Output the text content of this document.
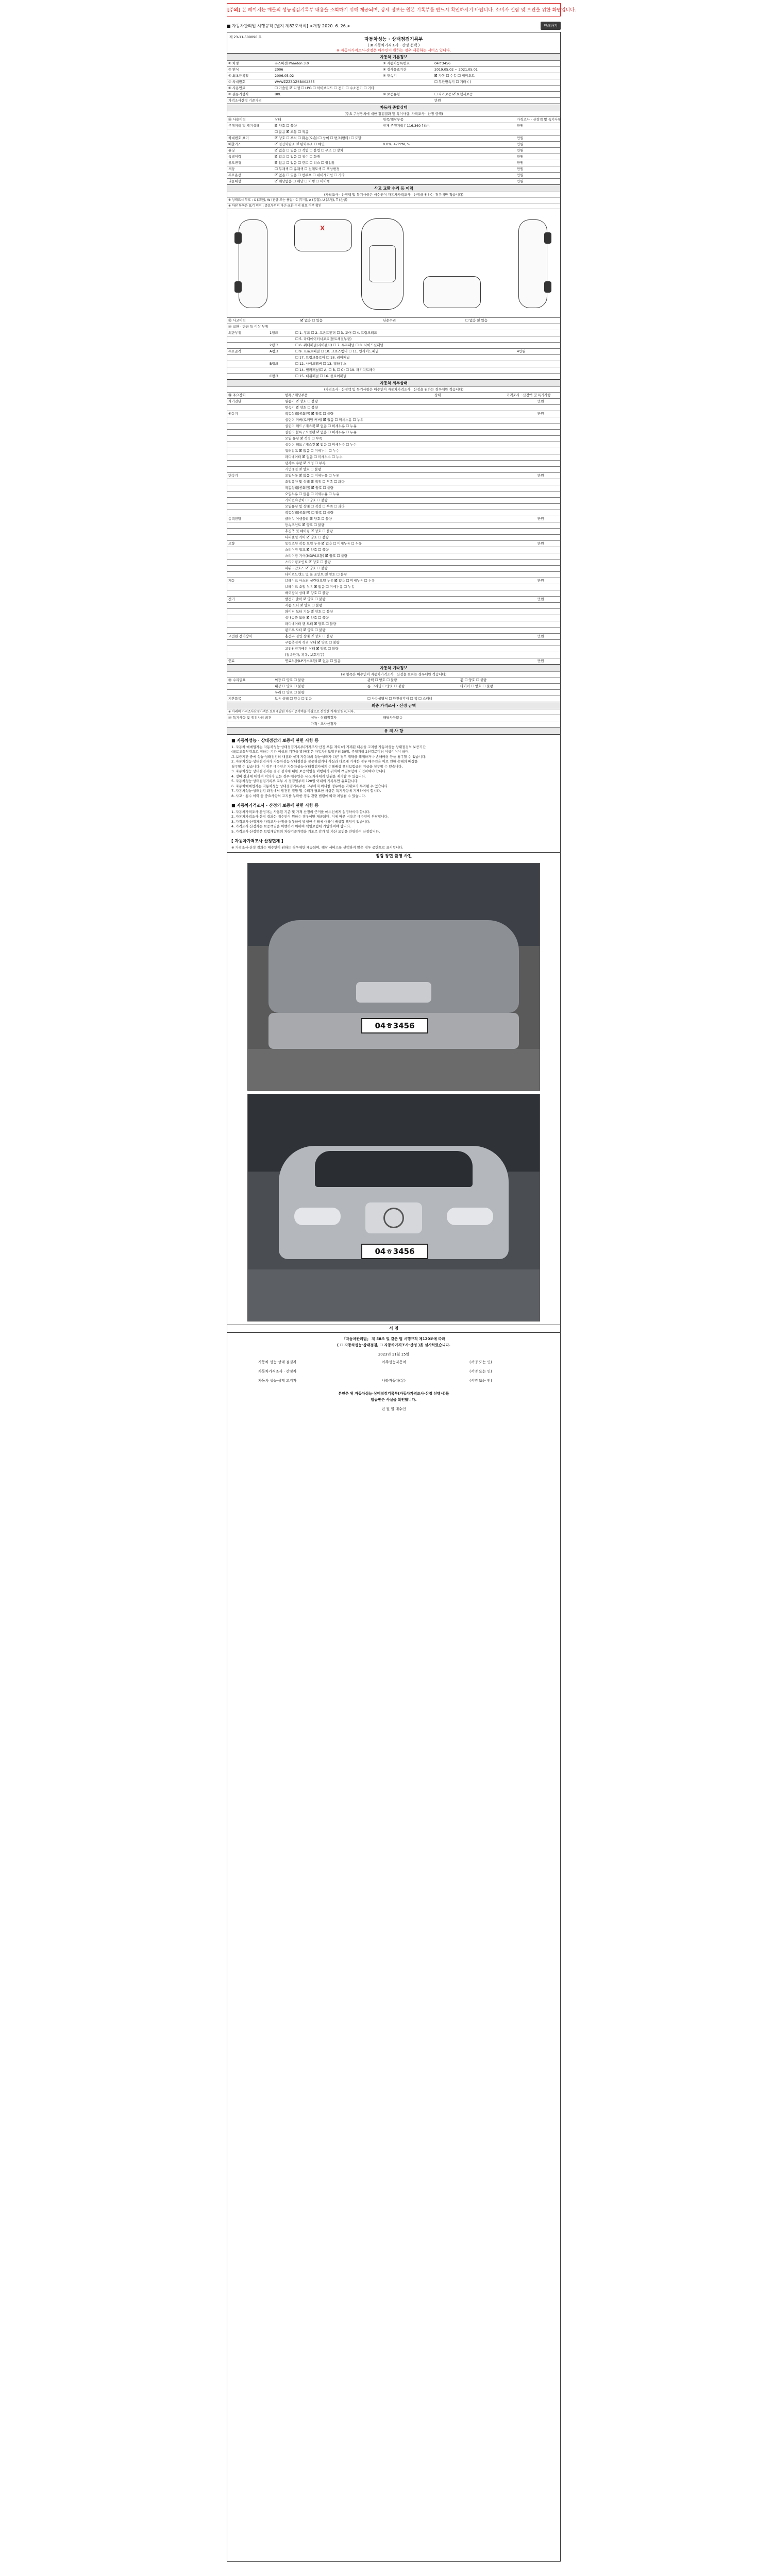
[주의] 본 페이지는 매물의 성능점검기록부 내용을 조회하기 위해 제공되며, 상세 정보는 원본 기록부를 반드시 확인하시기 바랍니다. 소비자 열람 및 보관을 위한 화면입니다.
■ 자동차관리법 시행규칙 [별지 제82호서식] <개정 2020. 6. 26.>	인쇄하기
제 23-11-509090 호	자동차성능 · 상태점검기록부
( 🗷 자동차가격조사 · 산정 선택 )
※ 자동차가격조사·산정은 매수인이 원하는 경우 제공하는 서비스 입니다.
자동차 기본정보
① 차명	폭스바겐 Phaeton 3.0	② 자동차등록번호	04ㅎ3456
③ 연식	2006	④ 검사유효기간	2019.05.02 ~ 2021.05.01
⑤ 최초등록일	2006.05.02	⑥ 변속기	🗹 자동 ☐ 수동 ☐ 세미오토
⑦ 차대번호	WVWZZZ3DZ6B002355	☐ 무단변속기 ☐ 기타 ( )
⑧ 사용연료	☐ 가솔린 🗹 디젤 ☐ LPG ☐ 하이브리드 ☐ 전기 ☐ 수소전기 ☐ 기타
⑨ 원동기형식	BKL	⑩ 보증유형	☐ 자가보증 🗹 보험사보증
가격조사산정 기준가격	만원
자동차 종합상태
(주요 구성장치에 대한 점검결과 및 특이사항, 가격조사 · 산정 금액)
⑪ 사용이력	상태	항목/해당부품	가격조사 · 산정액 및 특기사항
주행거리 및 계기상태	🗹 양호 ☐ 불량	현재 주행거리 [ 116,360 ] Km	만원
☐ 많음 🗹 보통 ☐ 적음
차대번호 표기	🗹 양호 ☐ 부식 ☐ 훼손(오손) ☐ 상이 ☐ 변조(변타) ☐ 도말	만원
배출가스	🗹 일산화탄소 🗹 탄화수소 ☐ 매연	0.0%, 47PPM, %	만원
튜닝	🗹 없음 ☐ 있음 ☐ 적법 ☐ 불법 ☐ 구조 ☐ 장치	만원
특별이력	🗹 없음 ☐ 있음 ☐ 침수 ☐ 화재	만원
용도변경	🗹 없음 ☐ 있음 ☐ 렌트 ☐ 리스 ☐ 영업용	만원
색상	☐ 무채색 ☐ 유채색 ☐ 전체도색 ☐ 색상변경	만원
주요옵션	🗹 없음 ☐ 있음 ☐ 썬루프 ☐ 네비게이션 ☐ 기타	만원
리콜대상	🗹 해당없음 ☐ 해당 ☐ 이행 ☐ 미이행	만원
사고 교환 수리 등 이력
(가격조사 · 산정액 및 특기사항은 매수인이 자동차가격조사 · 산정을 원하는 경우에만 적습니다)
※ 상태표시 부호 : X (교환), W (판금 또는 용접), C (부식), A (흠집), U (요철), T (손상)
※ 하단 항목은 표기 의미 : 중요부위의 파손·교환 수리 필요 여부 확인
X
⑫ 사고이력	🗹 없음 ☐ 있음	단순수리	☐ 없음 🗹 있음
⑬ 교환 · 판금 등 이상 부위
외판부위	1랭크	☐ 1. 후드 ☐ 2. 프론트펜더 ☐ 3. 도어 ☐ 4. 트렁크리드
☐ 5. 라디에이터서포트(볼트체결부품)
2랭크	☐ 6. 쿼터패널(리어펜더) ☐ 7. 루프패널 ☐ 8. 사이드실패널
주요골격	A랭크	☐ 9. 프론트패널 ☐ 10. 크로스멤버 ☐ 11. 인사이드패널	4만원
☐ 17. 트렁크플로어 ☐ 18. 리어패널
B랭크	☐ 12. 사이드멤버 ☐ 13. 휠하우스
☐ 14. 필러패널(☐ A, ☐ B, ☐ C) ☐ 19. 패키지트레이
C랭크	☐ 15. 대쉬패널 ☐ 16. 플로어패널
자동차 세부상태
(가격조사 · 산정액 및 특기사항은 매수인이 자동차가격조사 · 산정을 원하는 경우에만 적습니다)
⑭ 주요장치	항목 / 해당부품	상태	가격조사 · 산정액 및 특기사항
자기진단	원동기 🗹 양호 ☐ 불량	만원
변속기 🗹 양호 ☐ 불량
원동기	작동상태(공회전) 🗹 양호 ☐ 불량	만원
실린더 커버(로커암 커버) 🗹 없음 ☐ 미세누유 ☐ 누유
실린더 헤드 / 개스킷 🗹 없음 ☐ 미세누유 ☐ 누유
실린더 블록 / 오일팬 🗹 없음 ☐ 미세누유 ☐ 누유
오일 유량 🗹 적정 ☐ 부족
실린더 헤드 / 개스킷 🗹 없음 ☐ 미세누수 ☐ 누수
워터펌프 🗹 없음 ☐ 미세누수 ☐ 누수
라디에이터 🗹 없음 ☐ 미세누수 ☐ 누수
냉각수 수량 🗹 적정 ☐ 부족
커먼레일 🗹 양호 ☐ 불량
변속기	오일누유 🗹 없음 ☐ 미세누유 ☐ 누유	만원
오일유량 및 상태 🗹 적정 ☐ 부족 ☐ 과다
작동상태(공회전) 🗹 양호 ☐ 불량
오일누유 ☐ 없음 ☐ 미세누유 ☐ 누유
기어변속장치 ☐ 양호 ☐ 불량
오일유량 및 상태 ☐ 적정 ☐ 부족 ☐ 과다
작동상태(공회전) ☐ 양호 ☐ 불량
동력전달	클러치 어셈블리 🗹 양호 ☐ 불량	만원
등속조인트 🗹 양호 ☐ 불량
추진축 및 베어링 🗹 양호 ☐ 불량
디퍼렌셜 기어 🗹 양호 ☐ 불량
조향	동력조향 작동 오일 누유 🗹 없음 ☐ 미세누유 ☐ 누유	만원
스티어링 펌프 🗹 양호 ☐ 불량
스티어링 기어(MDPS포함) 🗹 양호 ☐ 불량
스티어링조인트 🗹 양호 ☐ 불량
파워고압호스 🗹 양호 ☐ 불량
타이로드엔드 및 볼 조인트 🗹 양호 ☐ 불량
제동	브레이크 마스터 실린더오일 누유 🗹 없음 ☐ 미세누유 ☐ 누유	만원
브레이크 오일 누유 🗹 없음 ☐ 미세누유 ☐ 누유
배력장치 상태 🗹 양호 ☐ 불량
전기	발전기 출력 🗹 양호 ☐ 불량	만원
시동 모터 🗹 양호 ☐ 불량
와이퍼 모터 기능 🗹 양호 ☐ 불량
실내송풍 모터 🗹 양호 ☐ 불량
라디에이터 팬 모터 🗹 양호 ☐ 불량
윈도우 모터 🗹 양호 ☐ 불량
고전원 전기장치	충전구 절연 상태 🗹 양호 ☐ 불량	만원
구동축전지 격리 상태 🗹 양호 ☐ 불량
고전원전기배선 상태 🗹 양호 ☐ 불량
(접속단자, 피복, 보호기구)
연료	연료누출(LP가스포함) 🗹 없음 ☐ 있음	만원
자동차 기타정보
(※ 항목은 매수인이 자동차가격조사 · 산정을 원하는 경우에만 적습니다)
⑮ 수리필요	외장 ☐ 양호 ☐ 불량	광택 ☐ 양호 ☐ 불량	휠 ☐ 양호 ☐ 불량
내장 ☐ 양호 ☐ 불량	룸 크리닝 ☐ 양호 ☐ 불량	타이어 ☐ 양호 ☐ 불량
유리 ☐ 양호 ☐ 불량
기본품목	보유 상태 ☐ 있음 ☐ 없음	☐ 사용설명서 ☐ 안전삼각대 ☐ 잭 ☐ 스패너
최종 가격조사 · 산정 금액
※ 아래의 가격조사산정가액은 보험개발원 차량기준가액을 바탕으로 산정한 가격(만원)입니다.
⑯ 특기사항 및 점검자의 의견	성능 · 상태점검자	해당사항없음
가격 · 조사산정자
유 의 사 항
■ 자동차성능 · 상태점검의 보증에 관한 사항 등
1. 자동차 매매업자는 자동차성능·상태점검기록부(가격조사·산정 부분 제외)에 기재된 내용을 고지한 자동차성능·상태점검의 보증기간
(국토교통부령으로 정하는 기간 이상의 기간을 말한다)은 자동차인도일부터 30일, 주행거리 2천킬로미터 이상이어야 하며,
그 보증기간 중에 성능·상태점검의 내용과 실제 자동차의 성능·상태가 다른 경우 계약을 해제하거나 손해배상 등을 청구할 수 있습니다.
2. 자동차성능·상태점검자가 자동차성능·상태점검을 잘못하였거나 사실과 다르게 기재한 경우 매수인은 이로 인한 손해의 배상을
청구할 수 있습니다. 이 경우 매수인은 자동차성능·상태점검자에게 손해배상 책임보험금의 지급을 청구할 수 있습니다.
3. 자동차성능·상태점검자는 점검 결과에 대한 보증책임을 이행하기 위하여 책임보험에 가입하여야 합니다.
4. 정비 결과에 대하여 이의가 있는 경우 매수인은 시·도지사에게 민원을 제기할 수 있습니다.
5. 자동차성능·상태점검기록부 교부 시 점검일부터 120일 이내의 기록부만 유효합니다.
6. 자동차매매업자는 자동차성능·상태점검기록부를 교부하지 아니한 경우에는 과태료가 부과될 수 있습니다.
7. 자동차성능·상태점검 과정에서 발견된 결함 및 수리가 필요한 사항은 특기사항에 기재하여야 합니다.
8. 사고 · 침수 이력 등 중요사항의 고지를 누락한 경우 관련 법령에 따라 처벌될 수 있습니다.
■ 자동차가격조사 · 산정의 보증에 관한 사항 등
1. 자동차가격조사·산정자는 사용된 기준 및 가격 산정의 근거를 매수인에게 설명하여야 합니다.
2. 자동차가격조사·산정 결과는 매수인이 원하는 경우에만 제공되며, 이에 따른 비용은 매수인이 부담합니다.
3. 가격조사·산정자가 가격조사·산정을 잘못하여 발생한 손해에 대하여 배상할 책임이 있습니다.
4. 가격조사·산정자는 보증책임을 이행하기 위하여 책임보험에 가입하여야 합니다.
5. 가격조사·산정액은 보험개발원의 차량기준가액을 기초로 감가 및 가산 요인을 반영하여 산정합니다.
[ 자동차가격조사 산정면제 ]
※ 가격조사·산정 결과는 매수인이 원하는 경우에만 제공되며, 해당 서비스를 선택하지 않은 경우 공란으로 표시됩니다.
점검 장면 촬영 사진
04ㅎ3456
04ㅎ3456
서 명
「자동차관리법」 제 58조 및 같은 법 시행규칙 제120조에 따라
( ☐ 자동차성능·상태점검, ☐ 자동차가격조사·산정 )을 실시하였습니다.
2023년 11월 15일
자동차 성능·상태 점검자	아주성능자동차	(서명 또는 인)
자동차가격조사 · 산정자	(서명 또는 인)
자동차 성능·상태 고지자	나라자동차(유)	(서명 또는 인)
본인은 위 자동차성능·상태점검기록부(자동차가격조사·산정 선택시)를
발급받은 사실을 확인합니다.
년 월 일 매수인
